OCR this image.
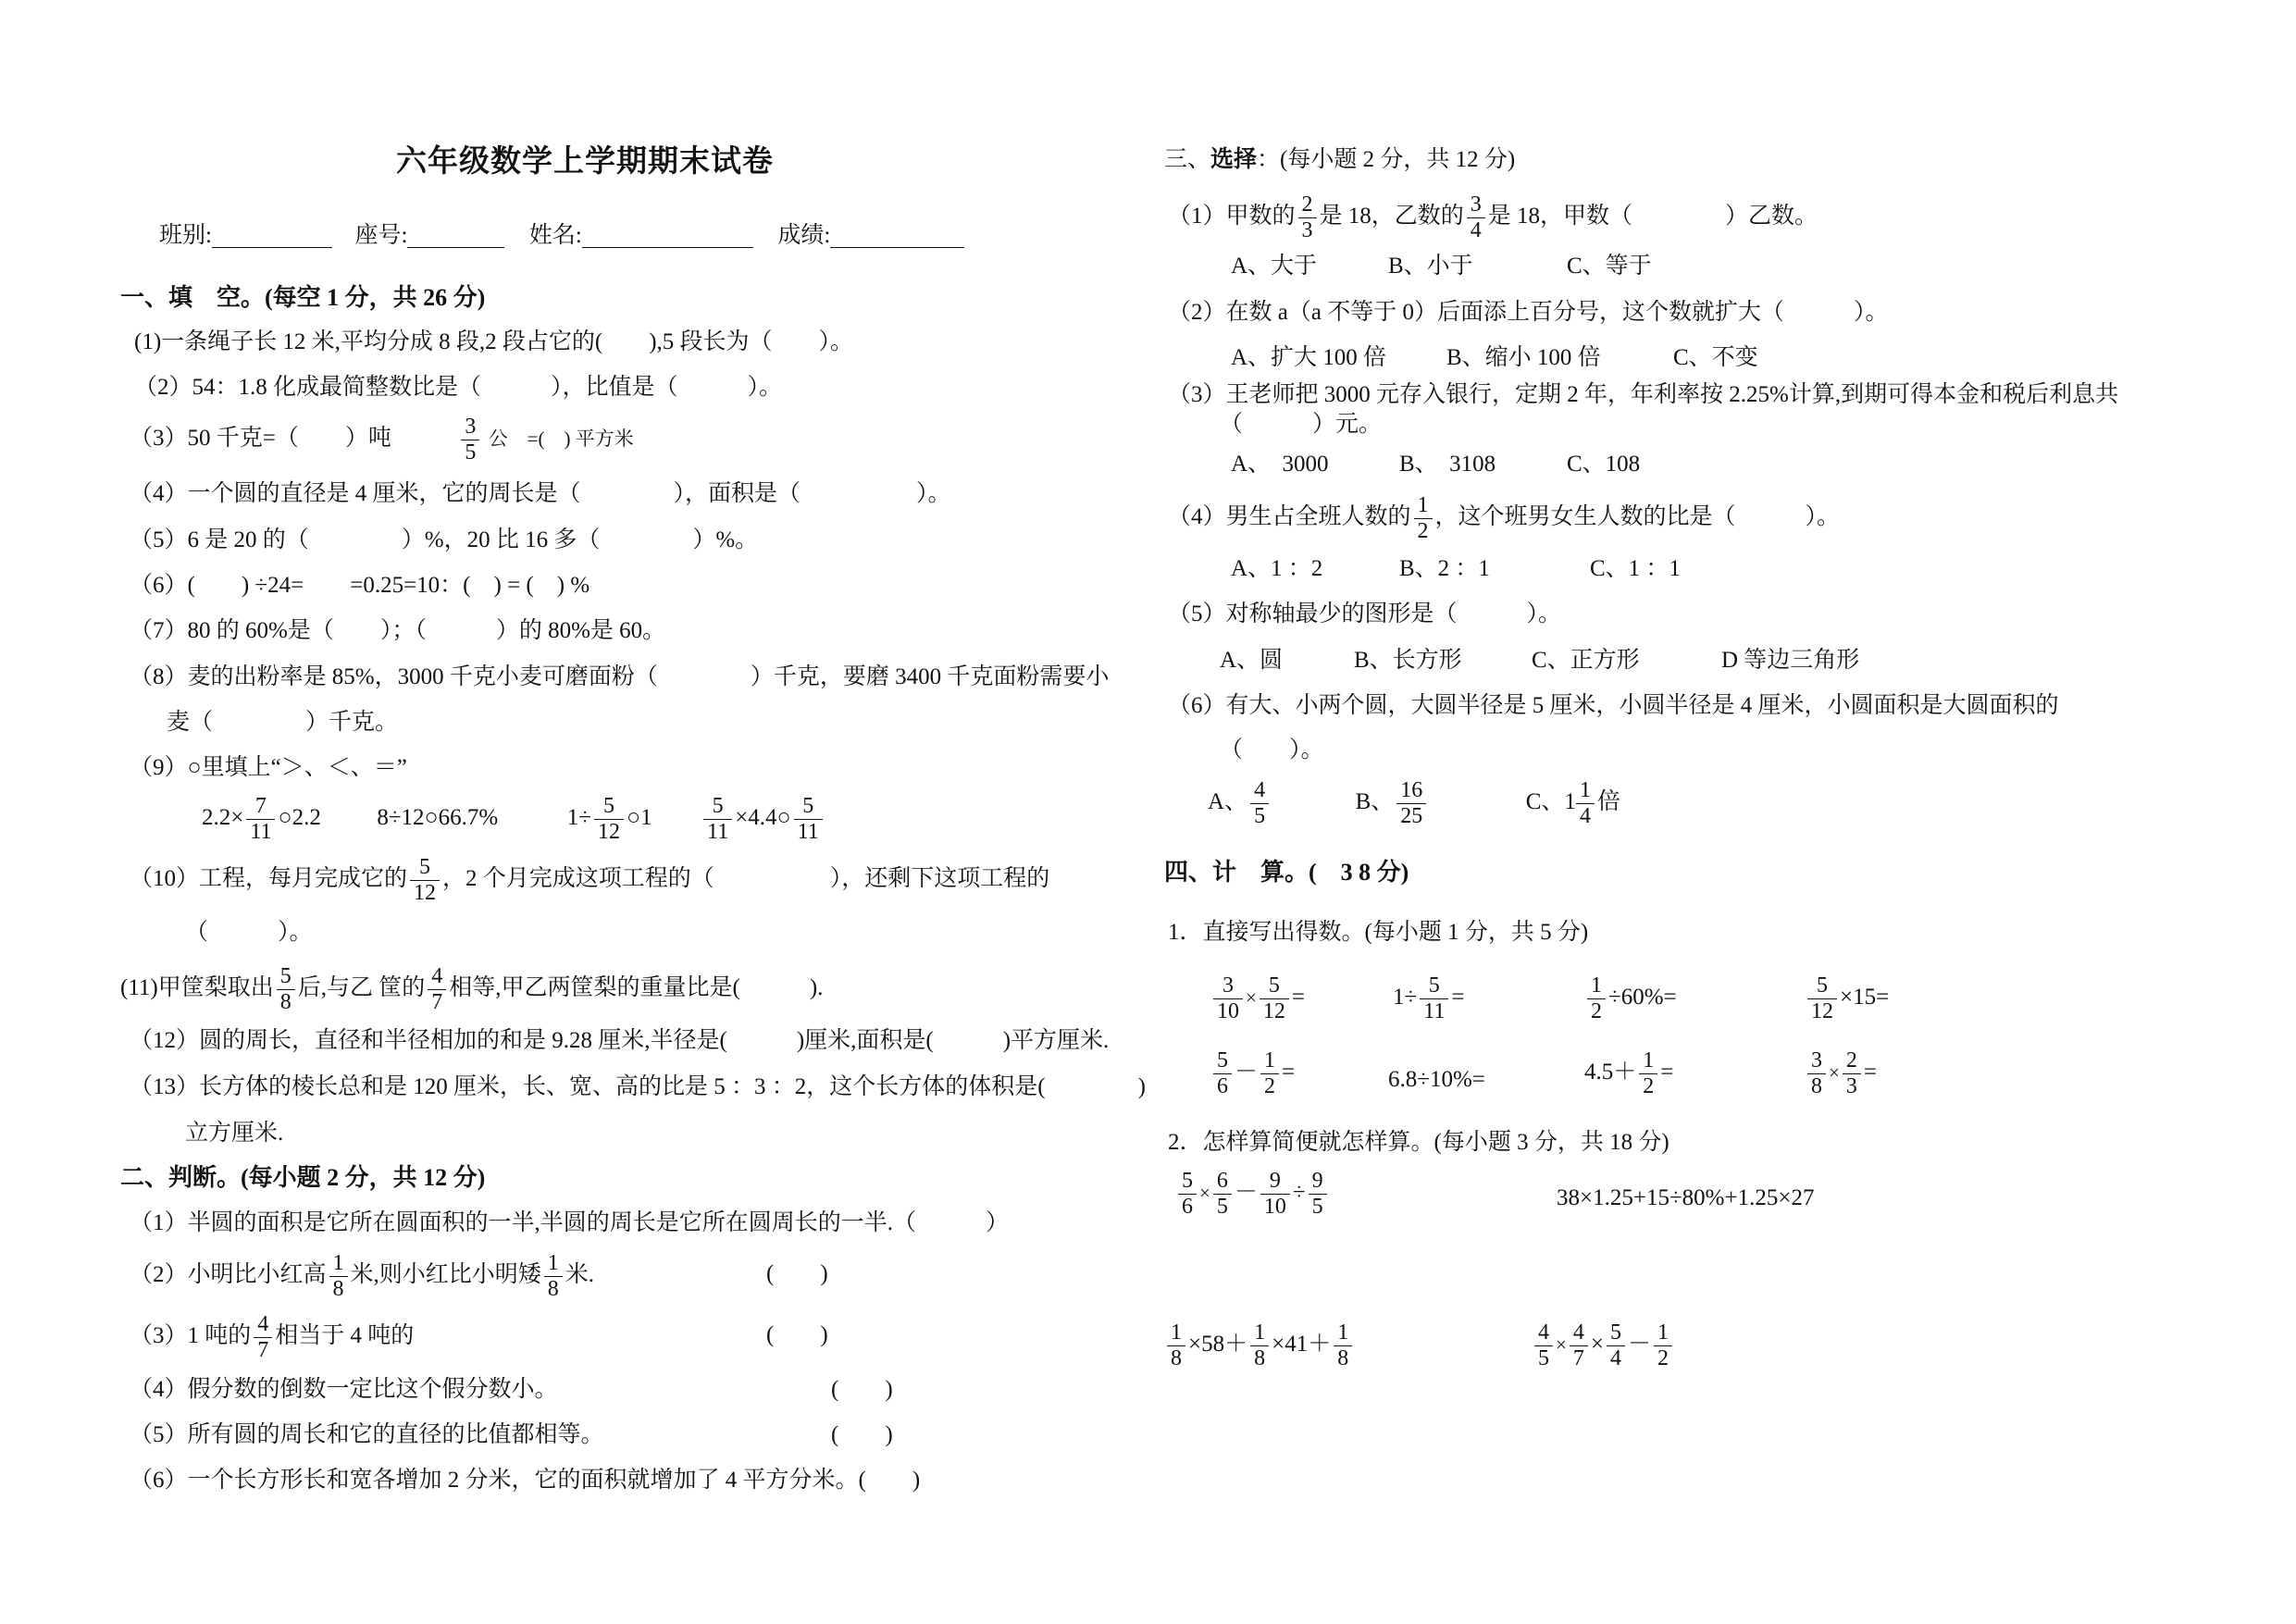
六年级数学上学期期末试卷
班别:	座号:	姓名:	成绩:
一、填　空。(每空 1 分，共 26 分)
(1)一条绳子长 12 米,平均分成 8 段,2 段占它的(　　),5 段长为（　　）。
（2）54：1.8 化成最简整数比是（　　　），比值是（　　　）。
（3）50 千克=（　　）吨	$\frac{3}{5}$ 公　=(　) 平方米
（4）一个圆的直径是 4 厘米，它的周长是（　　　　），面积是（　　　　　）。
（5）6 是 20 的（　　　　）%，20 比 16 多（　　　　）%。
（6）(　　) ÷24=　　=0.25=10：(　) = (　) %
（7）80 的 60%是（　　）；（　　　）的 80%是 60。
（8）麦的出粉率是 85%，3000 千克小麦可磨面粉（　　　　）千克，要磨 3400 千克面粉需要小
麦（　　　　）千克。
（9）○里填上“＞、＜、＝”
$2.2\times \frac{7}{11}$ ○2.2 8÷12○66.7%	$1\div \frac{5}{12}$ ○1 $\frac{5}{11}$ ×4.4○ $\frac{5}{11}$
（10）工程，每月完成它的 $\frac{5}{12}$ ，2 个月完成这项工程的（　　　　　），还剩下这项工程的
（　　　）。
(11)甲筐梨取出 $\frac{5}{8}$ 后,与乙 筐的 $\frac{4}{7}$ 相等,甲乙两筐梨的重量比是(　　　).
（12）圆的周长，直径和半径相加的和是 9.28 厘米,半径是(　　　)厘米,面积是(　　　)平方厘米.
（13）长方体的棱长总和是 120 厘米，长、宽、高的比是 5 ：3 ：2，这个长方体的体积是(　　　　)
立方厘米.
二、判断。(每小题 2 分，共 12 分)
（1）半圆的面积是它所在圆面积的一半,半圆的周长是它所在圆周长的一半.（　　　）
（2）小明比小红高 $\frac{1}{8}$ 米,则小红比小明矮 $\frac{1}{8}$ 米.	(　　)
（3）1 吨的 $\frac{4}{7}$ 相当于 4 吨的	(　　)
（4）假分数的倒数一定比这个假分数小。	(　　)
（5）所有圆的周长和它的直径的比值都相等。	(　　)
（6）一个长方形长和宽各增加 2 分米，它的面积就增加了 4 平方分米。(　　)
三、选择：(每小题 2 分，共 12 分)
（1）甲数的 $\frac{2}{3}$ 是 18，乙数的 $\frac{3}{4}$ 是 18，甲数（　　　　）乙数。
A、大于	B、小于	C、等于
（2）在数 a（a 不等于 0）后面添上百分号，这个数就扩大（　　　）。
A、扩大 100 倍	B、缩小 100 倍	C、不变
（3）王老师把 3000 元存入银行，定期 2 年，年利率按 2.25%计算,到期可得本金和税后利息共
（　　　）元。
A、　3000	B、　3108	C、108
（4）男生占全班人数的 $\frac{1}{2}$ ，这个班男女生人数的比是（　　　）。
A、1 ：2	B、2 ：1	C、1 ：1
（5）对称轴最少的图形是（　　　）。
A、圆	B、长方形	C、正方形	D 等边三角形
（6）有大、小两个圆，大圆半径是 5 厘米，小圆半径是 4 厘米，小圆面积是大圆面积的
（　　）。
A、 $\frac{4}{5}$	B、 $\frac{16}{25}$	C、$1 \frac{1}{4}$ 倍
四、计　算。(　3 8 分)
1．直接写出得数。(每小题 1 分，共 5 分)
$\frac{3}{10} \times \frac{5}{12}$ =	$1\div \frac{5}{11}$ =	$\frac{1}{2} \div 60\%=$	$\frac{5}{12} \times 15=$
$\frac{5}{6} - \frac{1}{2}$ =	6.8÷10%=	$4.5+ \frac{1}{2}$ =	$\frac{3}{8} \times \frac{2}{3}$ =
2．怎样算简便就怎样算。(每小题 3 分，共 18 分)
$\frac{5}{6} \times \frac{6}{5} - \frac{9}{10} \div \frac{9}{5}$	38×1.25+15÷80%+1.25×27
$\frac{1}{8} \times 58+ \frac{1}{8} \times 41+ \frac{1}{8}$	$\frac{4}{5} \times \frac{4}{7} \times \frac{5}{4} - \frac{1}{2}$
